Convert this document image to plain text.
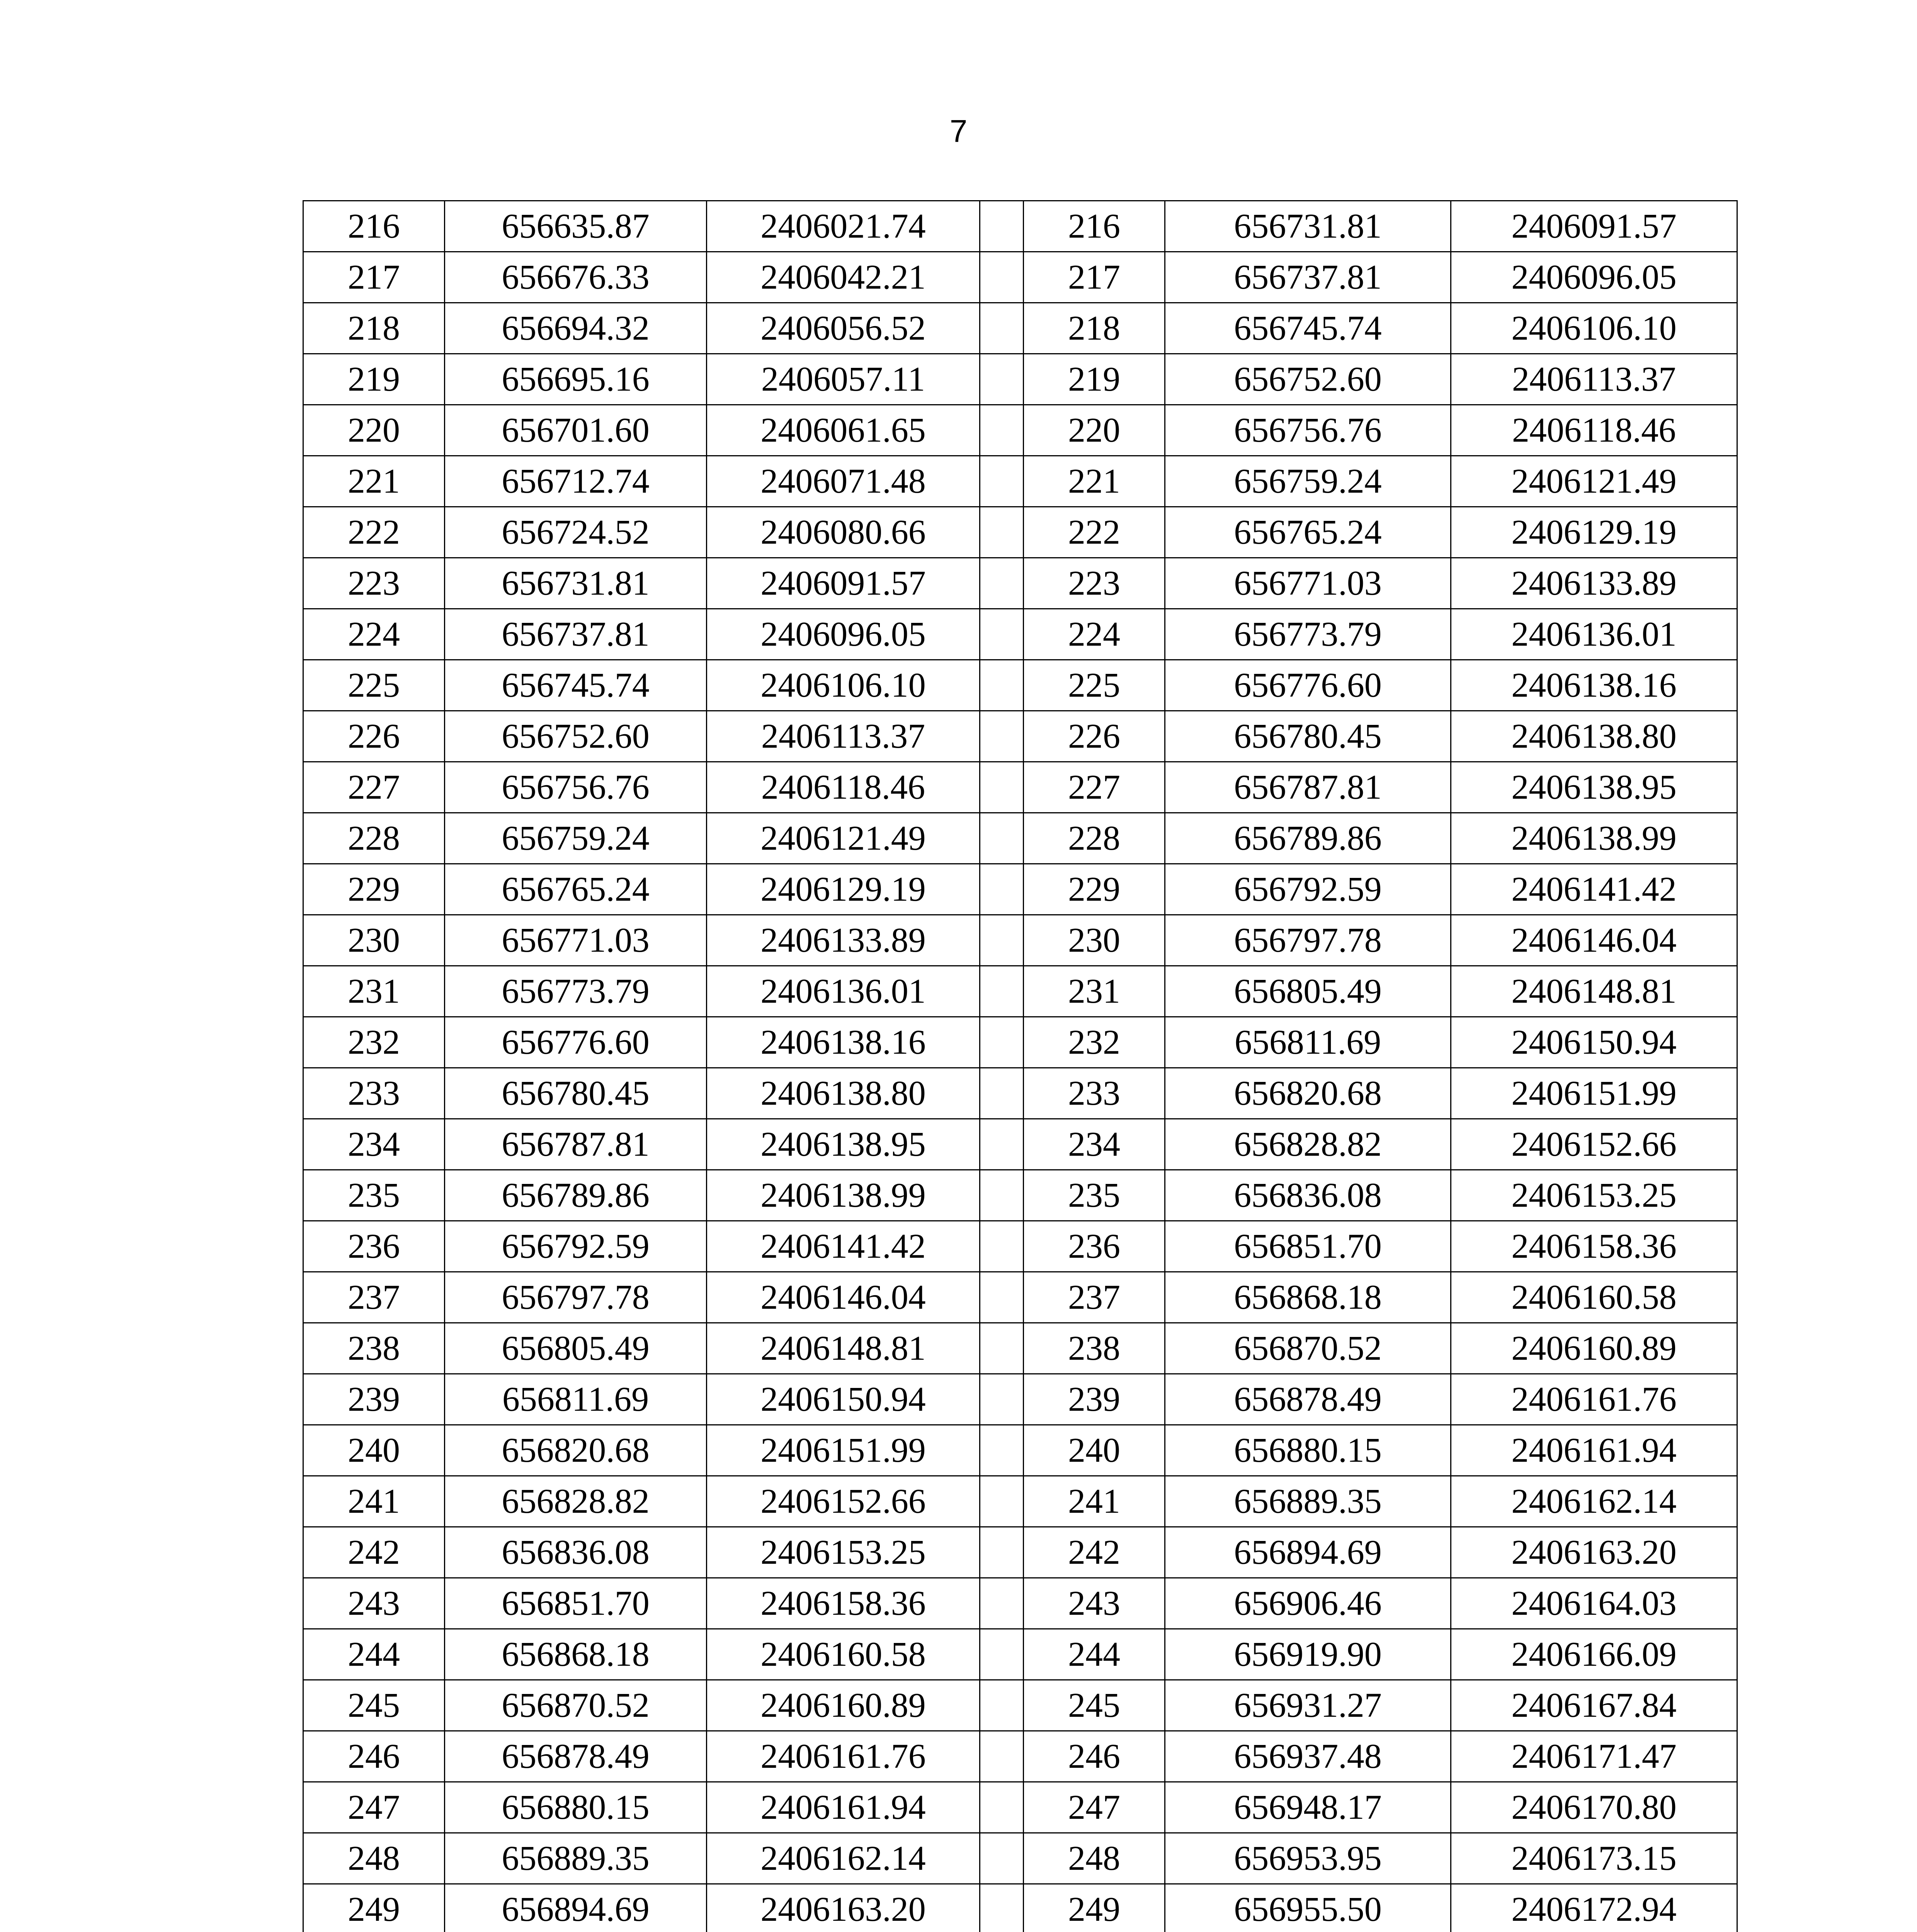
7
216	656635.87	2406021.74		216	656731.81	2406091.57
217	656676.33	2406042.21		217	656737.81	2406096.05
218	656694.32	2406056.52		218	656745.74	2406106.10
219	656695.16	2406057.11		219	656752.60	2406113.37
220	656701.60	2406061.65		220	656756.76	2406118.46
221	656712.74	2406071.48		221	656759.24	2406121.49
222	656724.52	2406080.66		222	656765.24	2406129.19
223	656731.81	2406091.57		223	656771.03	2406133.89
224	656737.81	2406096.05		224	656773.79	2406136.01
225	656745.74	2406106.10		225	656776.60	2406138.16
226	656752.60	2406113.37		226	656780.45	2406138.80
227	656756.76	2406118.46		227	656787.81	2406138.95
228	656759.24	2406121.49		228	656789.86	2406138.99
229	656765.24	2406129.19		229	656792.59	2406141.42
230	656771.03	2406133.89		230	656797.78	2406146.04
231	656773.79	2406136.01		231	656805.49	2406148.81
232	656776.60	2406138.16		232	656811.69	2406150.94
233	656780.45	2406138.80		233	656820.68	2406151.99
234	656787.81	2406138.95		234	656828.82	2406152.66
235	656789.86	2406138.99		235	656836.08	2406153.25
236	656792.59	2406141.42		236	656851.70	2406158.36
237	656797.78	2406146.04		237	656868.18	2406160.58
238	656805.49	2406148.81		238	656870.52	2406160.89
239	656811.69	2406150.94		239	656878.49	2406161.76
240	656820.68	2406151.99		240	656880.15	2406161.94
241	656828.82	2406152.66		241	656889.35	2406162.14
242	656836.08	2406153.25		242	656894.69	2406163.20
243	656851.70	2406158.36		243	656906.46	2406164.03
244	656868.18	2406160.58		244	656919.90	2406166.09
245	656870.52	2406160.89		245	656931.27	2406167.84
246	656878.49	2406161.76		246	656937.48	2406171.47
247	656880.15	2406161.94		247	656948.17	2406170.80
248	656889.35	2406162.14		248	656953.95	2406173.15
249	656894.69	2406163.20		249	656955.50	2406172.94
